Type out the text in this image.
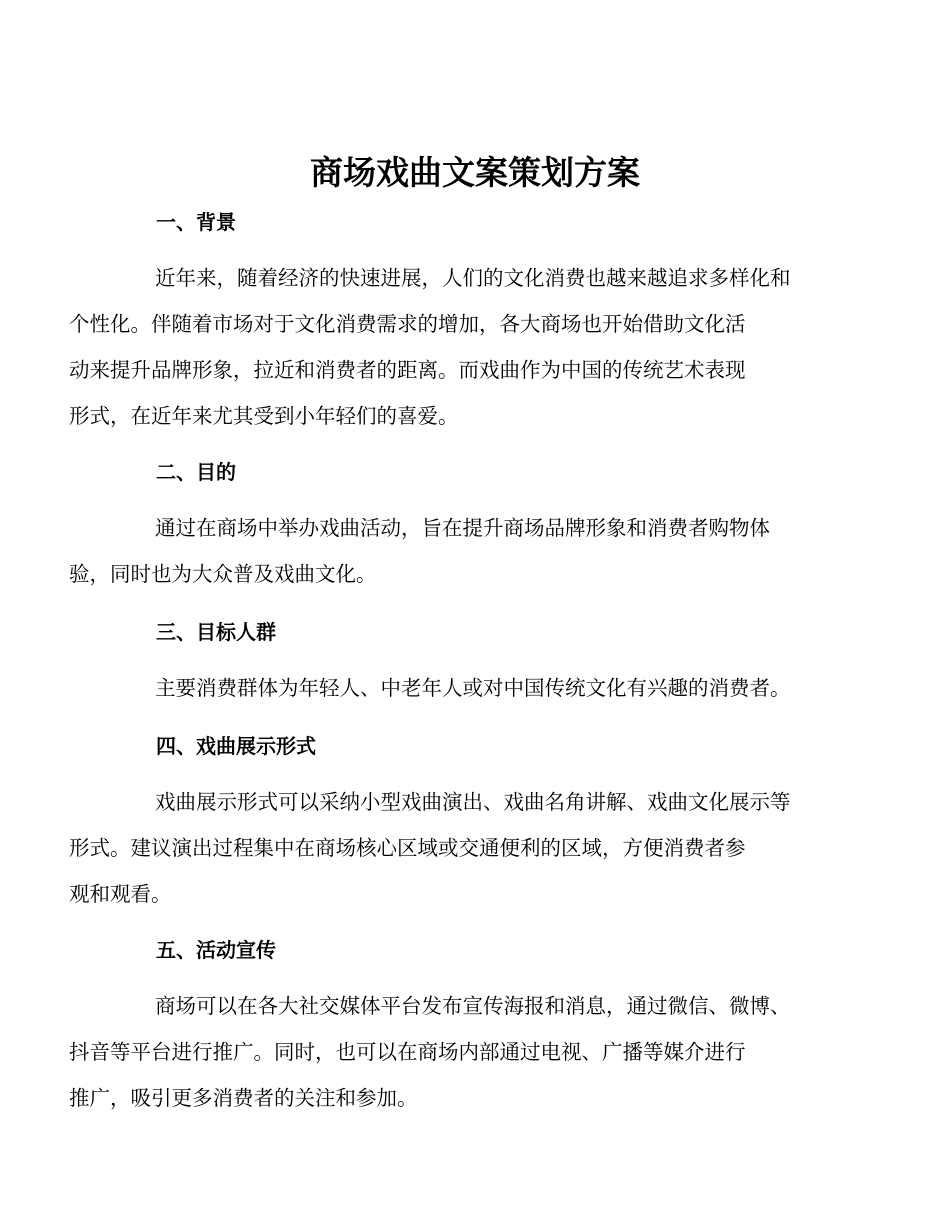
商场戏曲文案策划方案
一、背景

近年来，随着经济的快速进展，人们的文化消费也越来越追求多样化和
个性化。伴随着市场对于文化消费需求的增加，各大商场也开始借助文化活
动来提升品牌形象，拉近和消费者的距离。而戏曲作为中国的传统艺术表现
形式，在近年来尤其受到小年轻们的喜爱。

二、目的

通过在商场中举办戏曲活动，旨在提升商场品牌形象和消费者购物体
验，同时也为大众普及戏曲文化。

三、目标人群

主要消费群体为年轻人、中老年人或对中国传统文化有兴趣的消费者。

四、戏曲展示形式

戏曲展示形式可以采纳小型戏曲演出、戏曲名角讲解、戏曲文化展示等
形式。建议演出过程集中在商场核心区域或交通便利的区域，方便消费者参
观和观看。

五、活动宣传

商场可以在各大社交媒体平台发布宣传海报和消息，通过微信、微博、
抖音等平台进行推广。同时，也可以在商场内部通过电视、广播等媒介进行
推广，吸引更多消费者的关注和参加。
